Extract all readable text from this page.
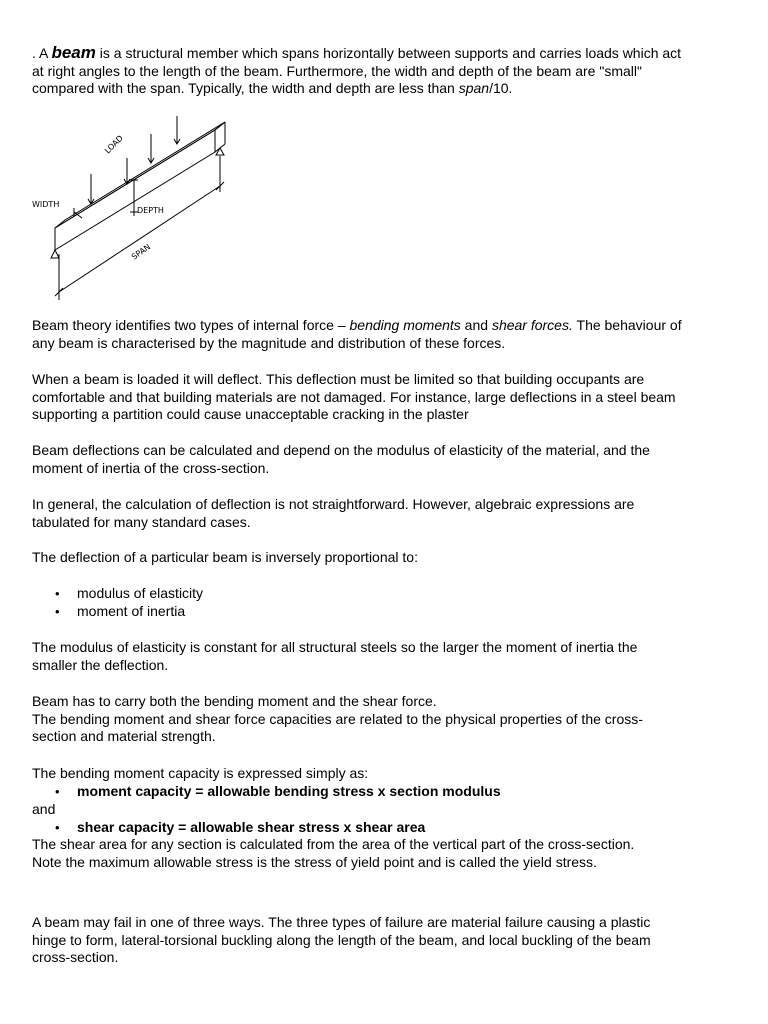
. A beam is a structural member which spans horizontally between supports and carries loads which act
at right angles to the length of the beam. Furthermore, the width and depth of the beam are "small"
compared with the span. Typically, the width and depth are less than span/10.
LOAD
WIDTH
DEPTH
SPAN
Beam theory identifies two types of internal force – bending moments and shear forces. The behaviour of
any beam is characterised by the magnitude and distribution of these forces.
When a beam is loaded it will deflect. This deflection must be limited so that building occupants are
comfortable and that building materials are not damaged. For instance, large deflections in a steel beam
supporting a partition could cause unacceptable cracking in the plaster
Beam deflections can be calculated and depend on the modulus of elasticity of the material, and the
moment of inertia of the cross-section.
In general, the calculation of deflection is not straightforward. However, algebraic expressions are
tabulated for many standard cases.
The deflection of a particular beam is inversely proportional to:
modulus of elasticity
moment of inertia
The modulus of elasticity is constant for all structural steels so the larger the moment of inertia the
smaller the deflection.
Beam has to carry both the bending moment and the shear force.
The bending moment and shear force capacities are related to the physical properties of the cross-
section and material strength.
The bending moment capacity is expressed simply as:
moment capacity = allowable bending stress x section modulus
and
shear capacity = allowable shear stress x shear area
The shear area for any section is calculated from the area of the vertical part of the cross-section.
Note the maximum allowable stress is the stress of yield point and is called the yield stress.
A beam may fail in one of three ways. The three types of failure are material failure causing a plastic
hinge to form, lateral-torsional buckling along the length of the beam, and local buckling of the beam
cross-section.
